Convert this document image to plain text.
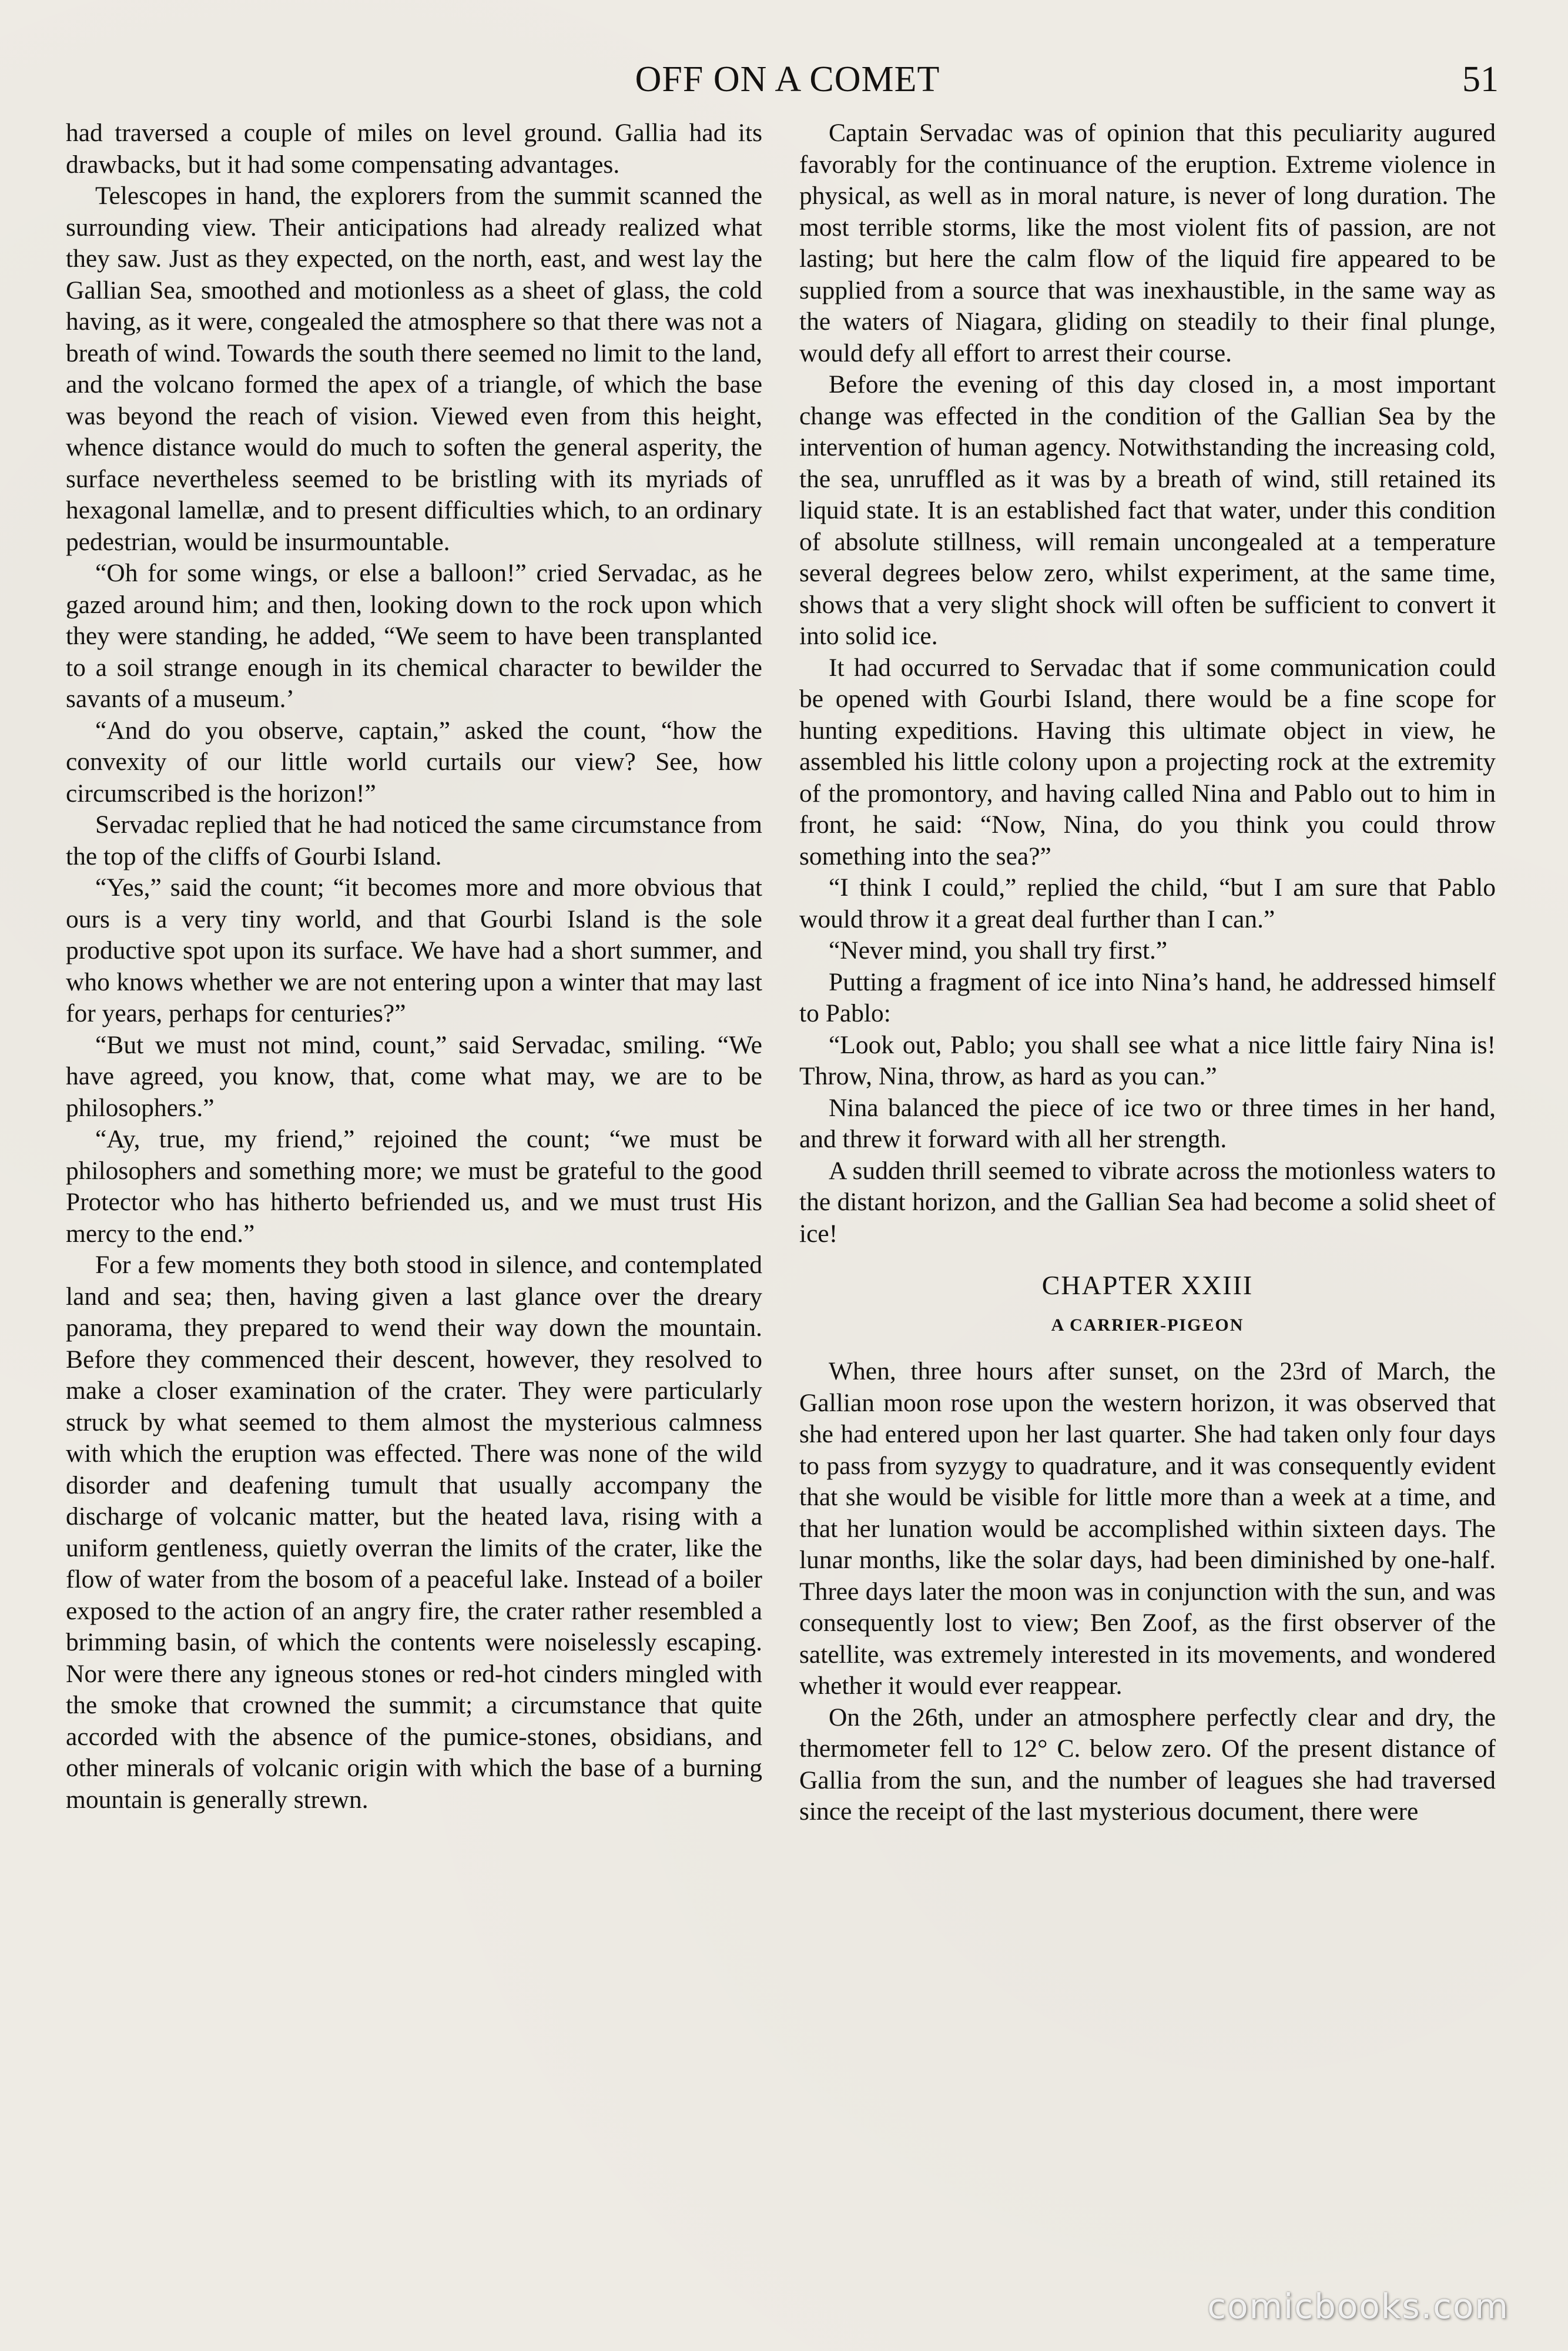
OFF ON A COMET	51

had traversed a couple of miles on level ground. Gallia had its drawbacks, but it had some compensating advantages.

Telescopes in hand, the explorers from the summit scanned the surrounding view. Their anticipations had already realized what they saw. Just as they expected, on the north, east, and west lay the Gallian Sea, smoothed and motionless as a sheet of glass, the cold having, as it were, congealed the atmosphere so that there was not a breath of wind. Towards the south there seemed no limit to the land, and the volcano formed the apex of a triangle, of which the base was beyond the reach of vision. Viewed even from this height, whence distance would do much to soften the general asperity, the surface nevertheless seemed to be bristling with its myriads of hexagonal lamellæ, and to present difficulties which, to an ordinary pedestrian, would be insurmountable.

“Oh for some wings, or else a balloon!” cried Servadac, as he gazed around him; and then, looking down to the rock upon which they were standing, he added, “We seem to have been transplanted to a soil strange enough in its chemical character to bewilder the savants of a museum.’

“And do you observe, captain,” asked the count, “how the convexity of our little world curtails our view? See, how circumscribed is the horizon!”

Servadac replied that he had noticed the same circumstance from the top of the cliffs of Gourbi Island.

“Yes,” said the count; “it becomes more and more obvious that ours is a very tiny world, and that Gourbi Island is the sole productive spot upon its surface. We have had a short summer, and who knows whether we are not entering upon a winter that may last for years, perhaps for centuries?”

“But we must not mind, count,” said Servadac, smiling. “We have agreed, you know, that, come what may, we are to be philosophers.”

“Ay, true, my friend,” rejoined the count; “we must be philosophers and something more; we must be grateful to the good Protector who has hitherto befriended us, and we must trust His mercy to the end.”

For a few moments they both stood in silence, and contemplated land and sea; then, having given a last glance over the dreary panorama, they prepared to wend their way down the mountain. Before they commenced their descent, however, they resolved to make a closer examination of the crater. They were particularly struck by what seemed to them almost the mysterious calmness with which the eruption was effected. There was none of the wild disorder and deafening tumult that usually accompany the discharge of volcanic matter, but the heated lava, rising with a uniform gentleness, quietly overran the limits of the crater, like the flow of water from the bosom of a peaceful lake. Instead of a boiler exposed to the action of an angry fire, the crater rather resembled a brimming basin, of which the contents were noiselessly escaping. Nor were there any igneous stones or red-hot cinders mingled with the smoke that crowned the summit; a circumstance that quite accorded with the absence of the pumice-stones, obsidians, and other minerals of volcanic origin with which the base of a burning mountain is generally strewn.

Captain Servadac was of opinion that this peculiarity augured favorably for the continuance of the eruption. Extreme violence in physical, as well as in moral nature, is never of long duration. The most terrible storms, like the most violent fits of passion, are not lasting; but here the calm flow of the liquid fire appeared to be supplied from a source that was inexhaustible, in the same way as the waters of Niagara, gliding on steadily to their final plunge, would defy all effort to arrest their course.

Before the evening of this day closed in, a most important change was effected in the condition of the Gallian Sea by the intervention of human agency. Notwithstanding the increasing cold, the sea, unruffled as it was by a breath of wind, still retained its liquid state. It is an established fact that water, under this condition of absolute stillness, will remain uncongealed at a temperature several degrees below zero, whilst experiment, at the same time, shows that a very slight shock will often be sufficient to convert it into solid ice.

It had occurred to Servadac that if some communication could be opened with Gourbi Island, there would be a fine scope for hunting expeditions. Having this ultimate object in view, he assembled his little colony upon a projecting rock at the extremity of the promontory, and having called Nina and Pablo out to him in front, he said: “Now, Nina, do you think you could throw something into the sea?”

“I think I could,” replied the child, “but I am sure that Pablo would throw it a great deal further than I can.”

“Never mind, you shall try first.”

Putting a fragment of ice into Nina’s hand, he addressed himself to Pablo:

“Look out, Pablo; you shall see what a nice little fairy Nina is! Throw, Nina, throw, as hard as you can.”

Nina balanced the piece of ice two or three times in her hand, and threw it forward with all her strength.

A sudden thrill seemed to vibrate across the motionless waters to the distant horizon, and the Gallian Sea had become a solid sheet of ice!

CHAPTER XXIII

A CARRIER-PIGEON

When, three hours after sunset, on the 23rd of March, the Gallian moon rose upon the western horizon, it was observed that she had entered upon her last quarter. She had taken only four days to pass from syzygy to quadrature, and it was consequently evident that she would be visible for little more than a week at a time, and that her lunation would be accomplished within sixteen days. The lunar months, like the solar days, had been diminished by one-half. Three days later the moon was in conjunction with the sun, and was consequently lost to view; Ben Zoof, as the first observer of the satellite, was extremely interested in its movements, and wondered whether it would ever reappear.

On the 26th, under an atmosphere perfectly clear and dry, the thermometer fell to 12° C. below zero. Of the present distance of Gallia from the sun, and the number of leagues she had traversed since the receipt of the last mysterious document, there were

comicbooks.com
